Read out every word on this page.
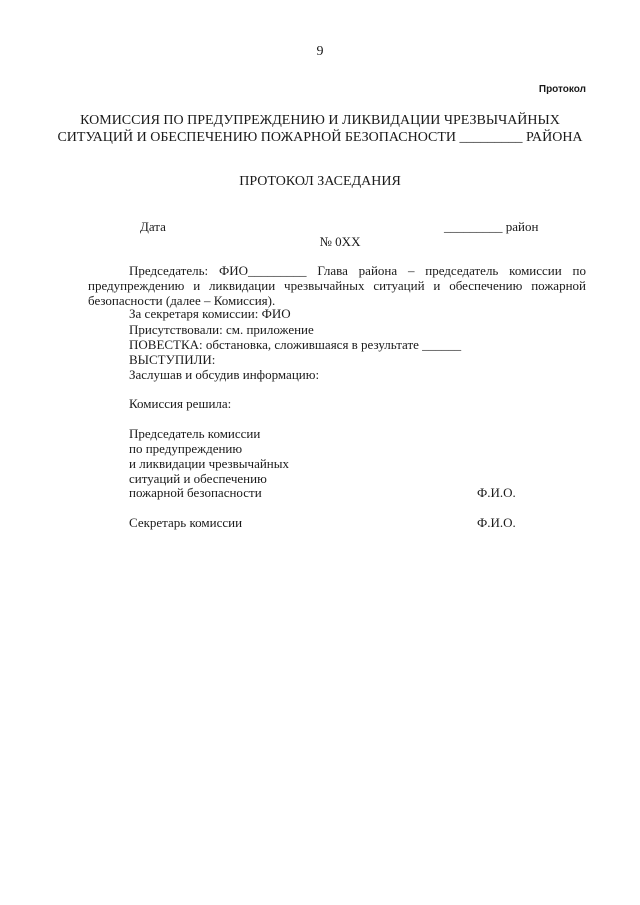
9
Протокол
КОМИССИЯ ПО ПРЕДУПРЕЖДЕНИЮ И ЛИКВИДАЦИИ ЧРЕЗВЫЧАЙНЫХ
СИТУАЦИЙ И ОБЕСПЕЧЕНИЮ ПОЖАРНОЙ БЕЗОПАСНОСТИ _________ РАЙОНА
ПРОТОКОЛ ЗАСЕДАНИЯ
Дата	_________ район
№ 0ХХ
Председатель: ФИО_________ Глава района – председатель комиссии по предупреждению и ликвидации чрезвычайных ситуаций и обеспечению пожарной безопасности (далее – Комиссия).
За секретаря комиссии: ФИО
Присутствовали: см. приложение
ПОВЕСТКА: обстановка, сложившаяся в результате ______
ВЫСТУПИЛИ:
Заслушав и обсудив информацию:
Комиссия решила:
Председатель комиссии
по предупреждению
и ликвидации чрезвычайных
ситуаций и обеспечению
пожарной безопасности	Ф.И.О.
Секретарь комиссии	Ф.И.О.
